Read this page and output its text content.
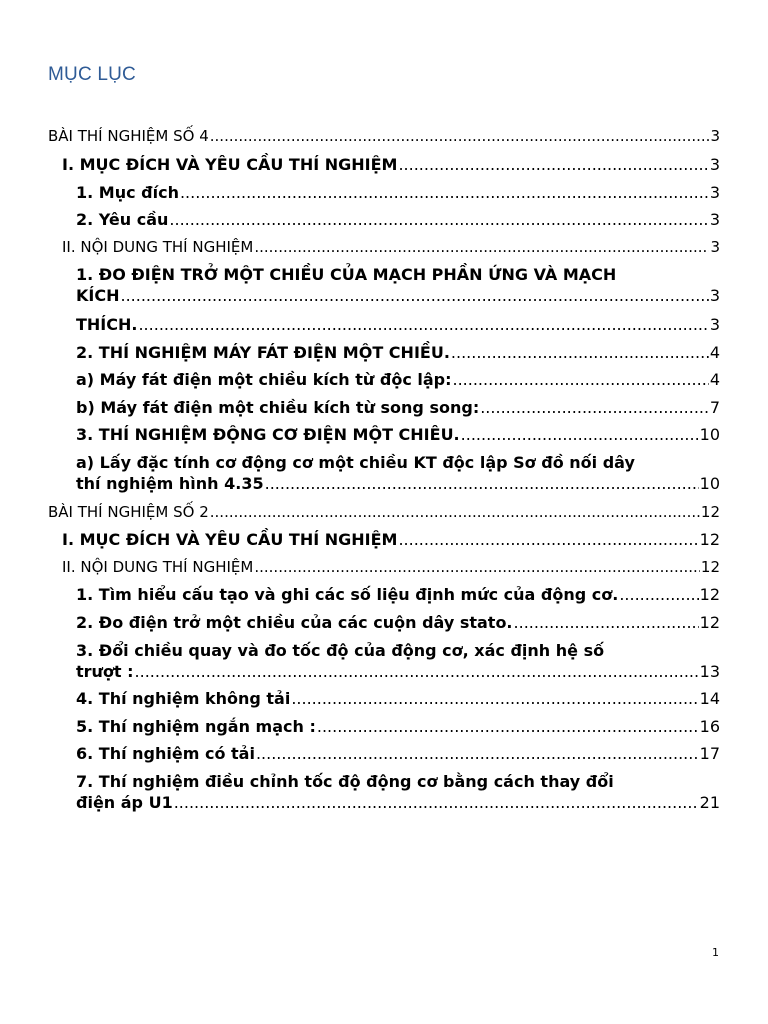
MỤC LỤC
BÀI THÍ NGHIỆM SỐ 4 .....	3
I. MỤC ĐÍCH VÀ YÊU CẦU THÍ NGHIỆM .....	3
1. Mục đích .....	3
2. Yêu cầu .....	3
II. NỘI DUNG THÍ NGHIỆM .....	3
1. ĐO ĐIỆN TRỞ MỘT CHIỀU CỦA MẠCH PHẦN ỨNG VÀ MẠCH
KÍCH .....	3
THÍCH. .....	3
2. THÍ NGHIỆM MÁY FÁT ĐIỆN MỘT CHIỀU. .....	4
a) Máy fát điện một chiều kích từ độc lập: .....	4
b) Máy fát điện một chiều kích từ song song: .....	7
3. THÍ NGHIỆM ĐỘNG CƠ ĐIỆN MỘT CHIÊU. .....	10
a) Lấy đặc tính cơ động cơ một chiều KT độc lập Sơ đồ nối dây
thí nghiệm hình 4.35 .....	10
BÀI THÍ NGHIỆM SỐ 2 .....	12
I. MỤC ĐÍCH VÀ YÊU CẦU THÍ NGHIỆM .....	12
II. NỘI DUNG THÍ NGHIỆM .....	12
1. Tìm hiểu cấu tạo và ghi các số liệu định mức của động cơ. .....	12
2. Đo điện trở một chiều của các cuộn dây stato. .....	12
3. Đổi chiều quay và đo tốc độ của động cơ, xác định hệ số
trượt : .....	13
4. Thí nghiệm không tải .....	14
5. Thí nghiệm ngắn mạch : .....	16
6. Thí nghiệm có tải .....	17
7. Thí nghiệm điều chỉnh tốc độ động cơ bằng cách thay đổi
điện áp U1 .....	21
1
